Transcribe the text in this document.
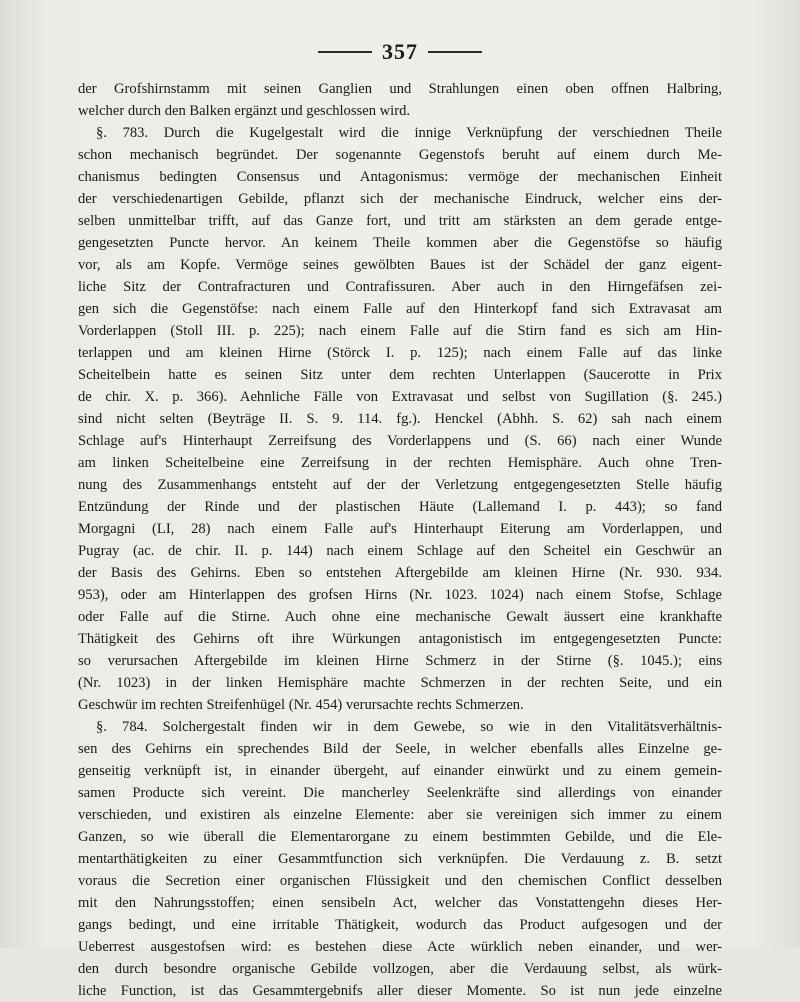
357
der Grofshirnstamm mit seinen Ganglien und Strahlungen einen oben offnen Halbring,
welcher durch den Balken ergänzt und geschlossen wird.
§. 783. Durch die Kugelgestalt wird die innige Verknüpfung der verschiednen Theile
schon mechanisch begründet. Der sogenannte Gegenstofs beruht auf einem durch Me-
chanismus bedingten Consensus und Antagonismus: vermöge der mechanischen Einheit
der verschiedenartigen Gebilde, pflanzt sich der mechanische Eindruck, welcher eins der-
selben unmittelbar trifft, auf das Ganze fort, und tritt am stärksten an dem gerade entge-
gengesetzten Puncte hervor. An keinem Theile kommen aber die Gegenstöfse so häufig
vor, als am Kopfe. Vermöge seines gewölbten Baues ist der Schädel der ganz eigent-
liche Sitz der Contrafracturen und Contrafissuren. Aber auch in den Hirngefäfsen zei-
gen sich die Gegenstöfse: nach einem Falle auf den Hinterkopf fand sich Extravasat am
Vorderlappen (Stoll III. p. 225); nach einem Falle auf die Stirn fand es sich am Hin-
terlappen und am kleinen Hirne (Störck I. p. 125); nach einem Falle auf das linke
Scheitelbein hatte es seinen Sitz unter dem rechten Unterlappen (Saucerotte in Prix
de chir. X. p. 366). Aehnliche Fälle von Extravasat und selbst von Sugillation (§. 245.)
sind nicht selten (Beyträge II. S. 9. 114. fg.). Henckel (Abhh. S. 62) sah nach einem
Schlage auf's Hinterhaupt Zerreifsung des Vorderlappens und (S. 66) nach einer Wunde
am linken Scheitelbeine eine Zerreifsung in der rechten Hemisphäre. Auch ohne Tren-
nung des Zusammenhangs entsteht auf der der Verletzung entgegengesetzten Stelle häufig
Entzündung der Rinde und der plastischen Häute (Lallemand I. p. 443); so fand
Morgagni (LI, 28) nach einem Falle auf's Hinterhaupt Eiterung am Vorderlappen, und
Pugray (ac. de chir. II. p. 144) nach einem Schlage auf den Scheitel ein Geschwür an
der Basis des Gehirns. Eben so entstehen Aftergebilde am kleinen Hirne (Nr. 930. 934.
953), oder am Hinterlappen des grofsen Hirns (Nr. 1023. 1024) nach einem Stofse, Schlage
oder Falle auf die Stirne. Auch ohne eine mechanische Gewalt äussert eine krankhafte
Thätigkeit des Gehirns oft ihre Würkungen antagonistisch im entgegengesetzten Puncte:
so verursachen Aftergebilde im kleinen Hirne Schmerz in der Stirne (§. 1045.); eins
(Nr. 1023) in der linken Hemisphäre machte Schmerzen in der rechten Seite, und ein
Geschwür im rechten Streifenhügel (Nr. 454) verursachte rechts Schmerzen.
§. 784. Solchergestalt finden wir in dem Gewebe, so wie in den Vitalitätsverhältnis-
sen des Gehirns ein sprechendes Bild der Seele, in welcher ebenfalls alles Einzelne ge-
genseitig verknüpft ist, in einander übergeht, auf einander einwürkt und zu einem gemein-
samen Producte sich vereint. Die mancherley Seelenkräfte sind allerdings von einander
verschieden, und existiren als einzelne Elemente: aber sie vereinigen sich immer zu einem
Ganzen, so wie überall die Elementarorgane zu einem bestimmten Gebilde, und die Ele-
mentarthätigkeiten zu einer Gesammtfunction sich verknüpfen. Die Verdauung z. B. setzt
voraus die Secretion einer organischen Flüssigkeit und den chemischen Conflict desselben
mit den Nahrungsstoffen; einen sensibeln Act, welcher das Vonstattengehn dieses Her-
gangs bedingt, und eine irritable Thätigkeit, wodurch das Product aufgesogen und der
Ueberrest ausgestofsen wird: es bestehen diese Acte würklich neben einander, und wer-
den durch besondre organische Gebilde vollzogen, aber die Verdauung selbst, als würk-
liche Function, ist das Gesammtergebnifs aller dieser Momente. So ist nun jede einzelne
